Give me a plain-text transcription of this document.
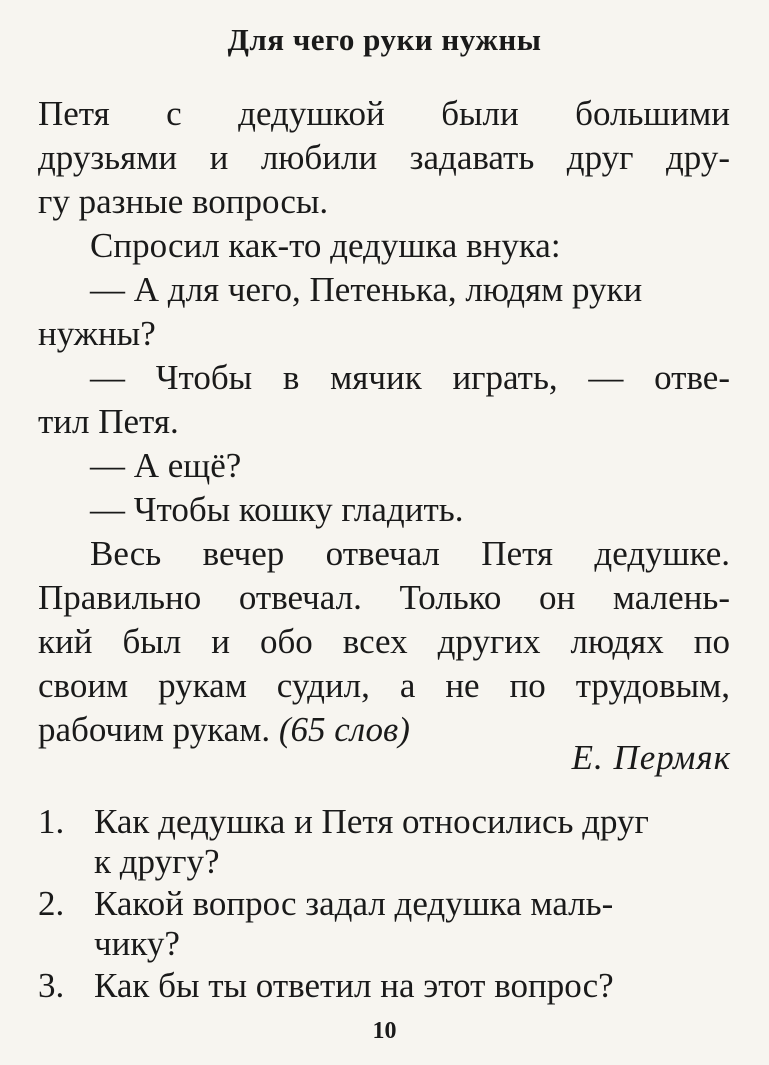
Для чего руки нужны

Петя с дедушкой были большими

друзьями и любили задавать друг дру-

гу разные вопросы.

Спросил как-то дедушка внука:

— А для чего, Петенька, людям руки

нужны?

— Чтобы в мячик играть, — отве-

тил Петя.

— А ещё?

— Чтобы кошку гладить.

Весь вечер отвечал Петя дедушке.

Правильно отвечал. Только он малень-

кий был и обо всех других людях по

своим рукам судил, а не по трудовым,

рабочим рукам. (65 слов)

Е. Пермяк

1. Как дедушка и Петя относились друг
к другу?
2. Какой вопрос задал дедушка маль-
чику?
3. Как бы ты ответил на этот вопрос?
10
